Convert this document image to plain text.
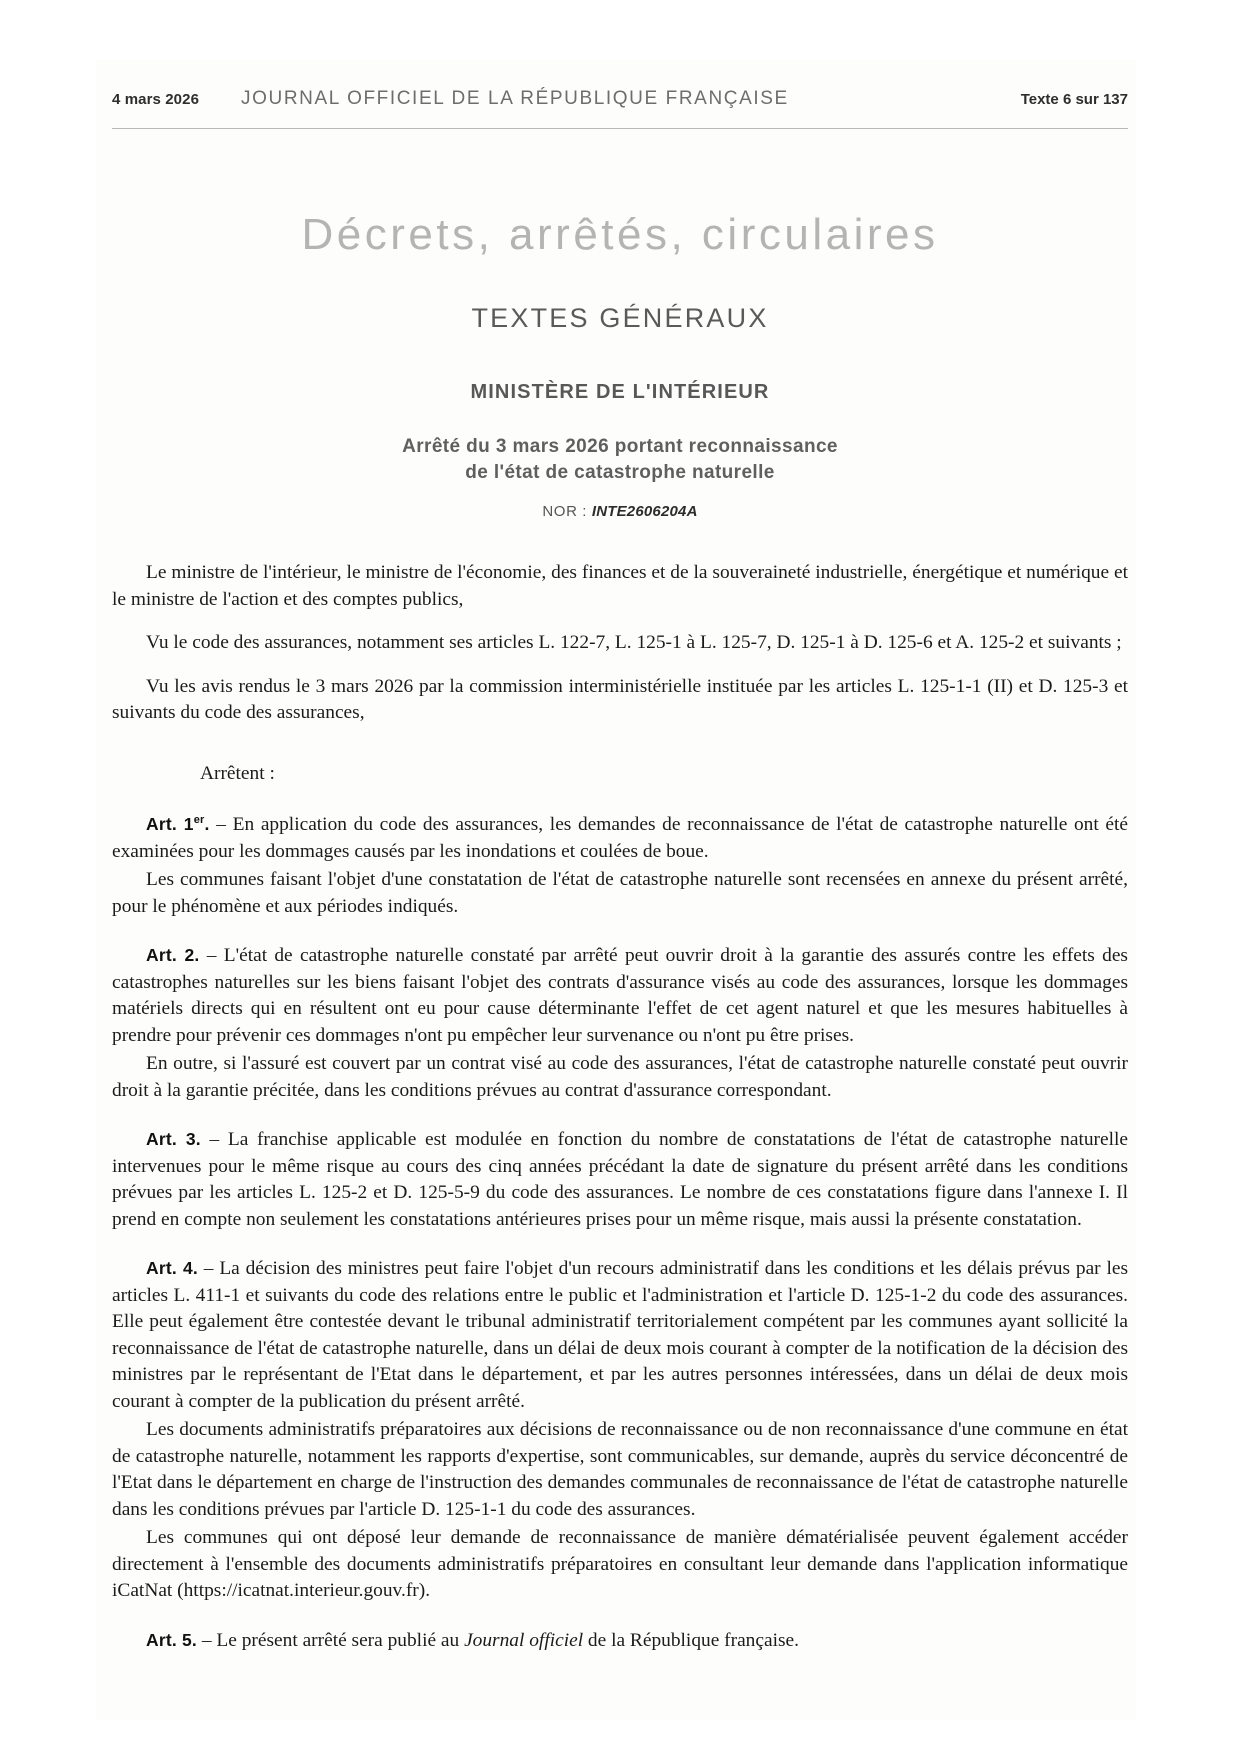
4 mars 2026 JOURNAL OFFICIEL DE LA RÉPUBLIQUE FRANÇAISE	Texte 6 sur 137
Décrets, arrêtés, circulaires
TEXTES GÉNÉRAUX
MINISTÈRE DE L'INTÉRIEUR
Arrêté du 3 mars 2026 portant reconnaissance
de l'état de catastrophe naturelle
NOR : INTE2606204A

Le ministre de l'intérieur, le ministre de l'économie, des finances et de la souveraineté industrielle, énergétique et numérique et le ministre de l'action et des comptes publics,

Vu le code des assurances, notamment ses articles L. 122-7, L. 125-1 à L. 125-7, D. 125-1 à D. 125-6 et A. 125-2 et suivants ;

Vu les avis rendus le 3 mars 2026 par la commission interministérielle instituée par les articles L. 125-1-1 (II) et D. 125-3 et suivants du code des assurances,

Arrêtent :

Art. 1er. – En application du code des assurances, les demandes de reconnaissance de l'état de catastrophe naturelle ont été examinées pour les dommages causés par les inondations et coulées de boue.

Les communes faisant l'objet d'une constatation de l'état de catastrophe naturelle sont recensées en annexe du présent arrêté, pour le phénomène et aux périodes indiqués.

Art. 2. – L'état de catastrophe naturelle constaté par arrêté peut ouvrir droit à la garantie des assurés contre les effets des catastrophes naturelles sur les biens faisant l'objet des contrats d'assurance visés au code des assurances, lorsque les dommages matériels directs qui en résultent ont eu pour cause déterminante l'effet de cet agent naturel et que les mesures habituelles à prendre pour prévenir ces dommages n'ont pu empêcher leur survenance ou n'ont pu être prises.

En outre, si l'assuré est couvert par un contrat visé au code des assurances, l'état de catastrophe naturelle constaté peut ouvrir droit à la garantie précitée, dans les conditions prévues au contrat d'assurance correspondant.

Art. 3. – La franchise applicable est modulée en fonction du nombre de constatations de l'état de catastrophe naturelle intervenues pour le même risque au cours des cinq années précédant la date de signature du présent arrêté dans les conditions prévues par les articles L. 125-2 et D. 125-5-9 du code des assurances. Le nombre de ces constatations figure dans l'annexe I. Il prend en compte non seulement les constatations antérieures prises pour un même risque, mais aussi la présente constatation.

Art. 4. – La décision des ministres peut faire l'objet d'un recours administratif dans les conditions et les délais prévus par les articles L. 411-1 et suivants du code des relations entre le public et l'administration et l'article D. 125-1-2 du code des assurances. Elle peut également être contestée devant le tribunal administratif territorialement compétent par les communes ayant sollicité la reconnaissance de l'état de catastrophe naturelle, dans un délai de deux mois courant à compter de la notification de la décision des ministres par le représentant de l'Etat dans le département, et par les autres personnes intéressées, dans un délai de deux mois courant à compter de la publication du présent arrêté.

Les documents administratifs préparatoires aux décisions de reconnaissance ou de non reconnaissance d'une commune en état de catastrophe naturelle, notamment les rapports d'expertise, sont communicables, sur demande, auprès du service déconcentré de l'Etat dans le département en charge de l'instruction des demandes communales de reconnaissance de l'état de catastrophe naturelle dans les conditions prévues par l'article D. 125-1-1 du code des assurances.

Les communes qui ont déposé leur demande de reconnaissance de manière dématérialisée peuvent également accéder directement à l'ensemble des documents administratifs préparatoires en consultant leur demande dans l'application informatique iCatNat (https://icatnat.interieur.gouv.fr).

Art. 5. – Le présent arrêté sera publié au Journal officiel de la République française.
